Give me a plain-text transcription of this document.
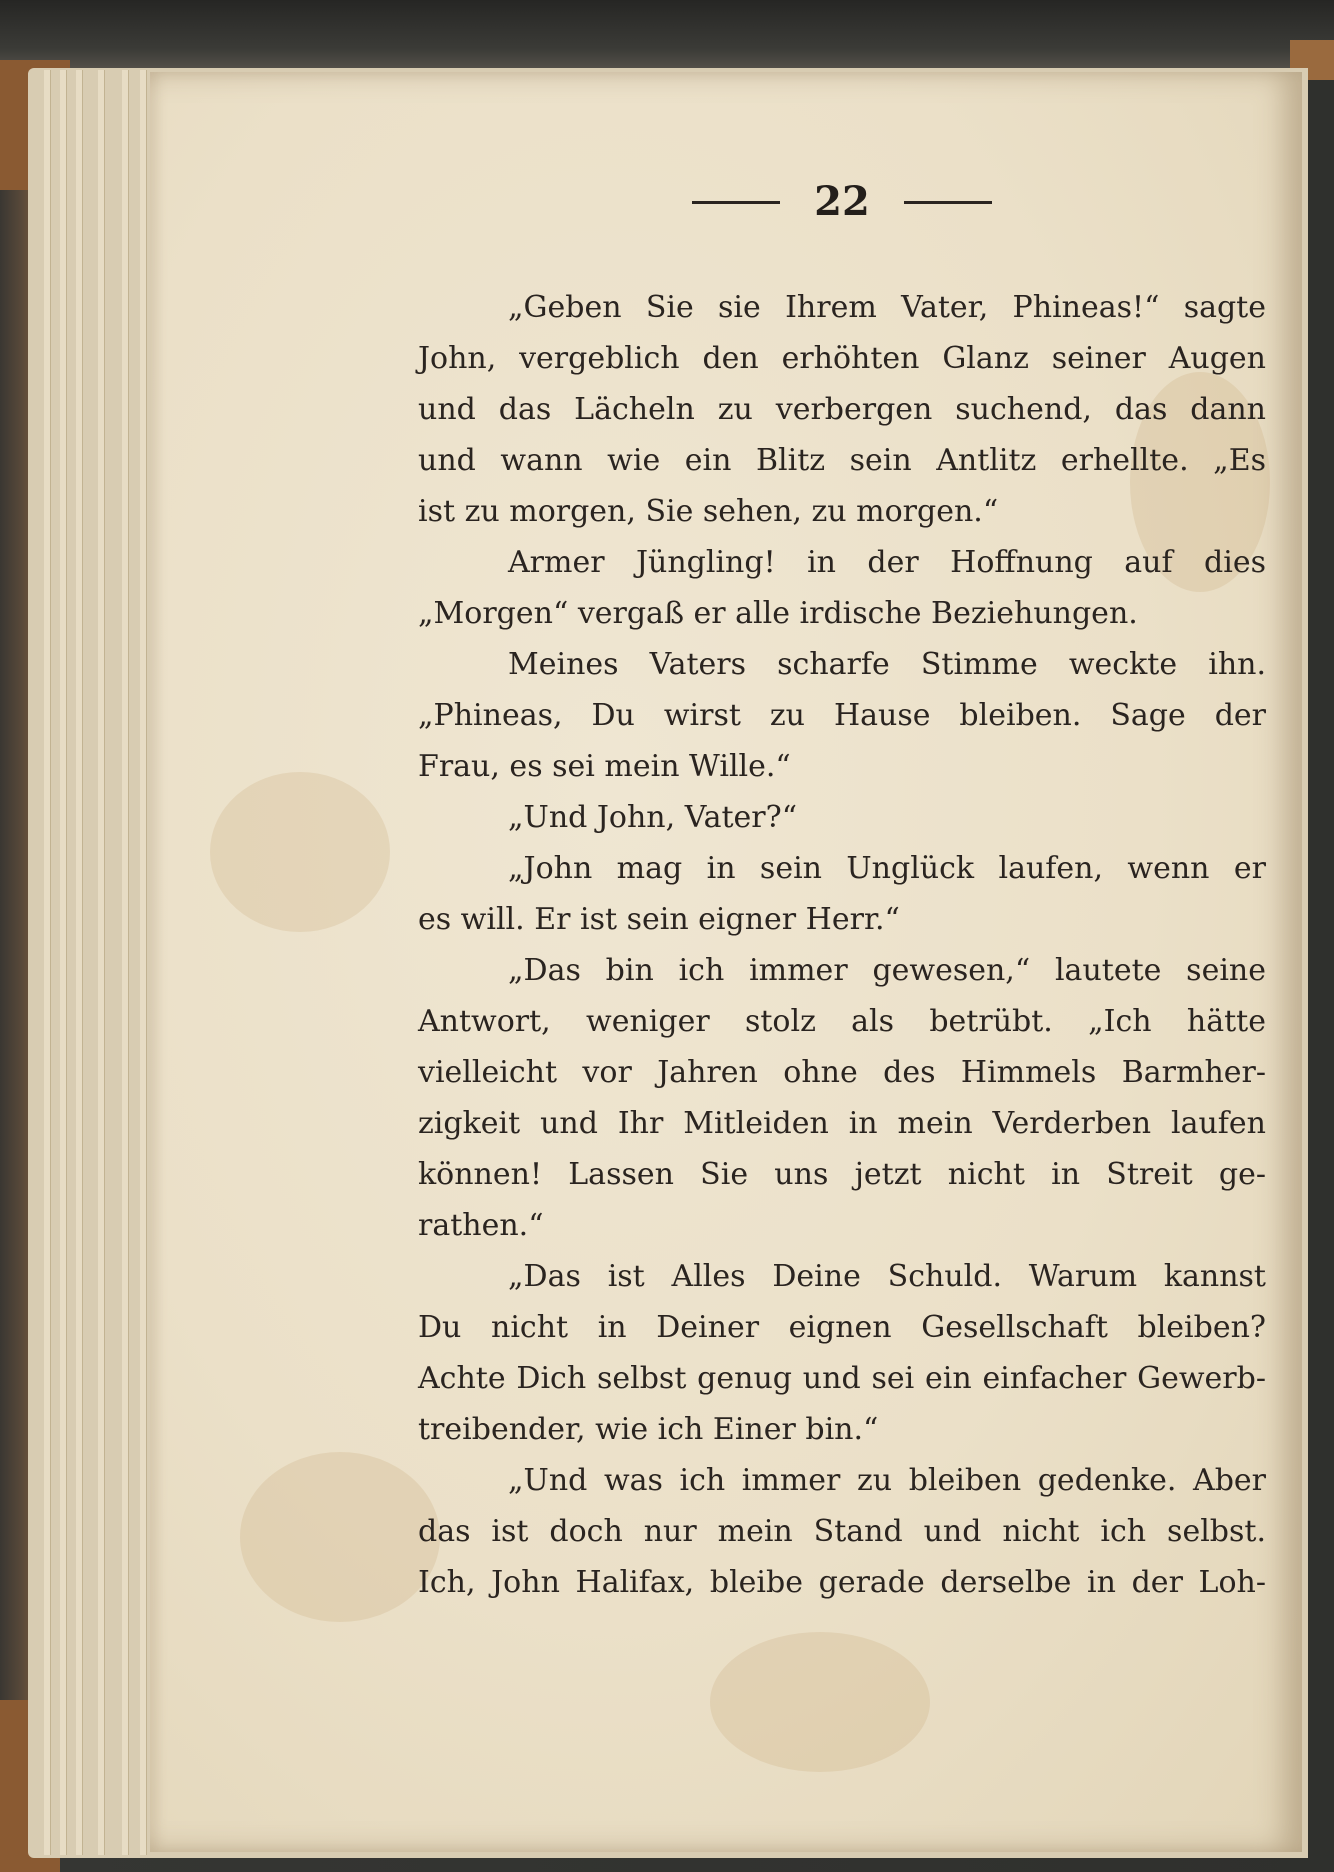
22
„Geben Sie sie Ihrem Vater, Phineas!“ sagte
John, vergeblich den erhöhten Glanz seiner Augen
und das Lächeln zu verbergen suchend, das dann
und wann wie ein Blitz sein Antlitz erhellte. „Es
ist zu morgen, Sie sehen, zu morgen.“
Armer Jüngling! in der Hoffnung auf dies
„Morgen“ vergaß er alle irdische Beziehungen.
Meines Vaters scharfe Stimme weckte ihn.
„Phineas, Du wirst zu Hause bleiben. Sage der
Frau, es sei mein Wille.“
„Und John, Vater?“
„John mag in sein Unglück laufen, wenn er
es will. Er ist sein eigner Herr.“
„Das bin ich immer gewesen,“ lautete seine
Antwort, weniger stolz als betrübt. „Ich hätte
vielleicht vor Jahren ohne des Himmels Barmher-
zigkeit und Ihr Mitleiden in mein Verderben laufen
können! Lassen Sie uns jetzt nicht in Streit ge-
rathen.“
„Das ist Alles Deine Schuld. Warum kannst
Du nicht in Deiner eignen Gesellschaft bleiben?
Achte Dich selbst genug und sei ein einfacher Gewerb-
treibender, wie ich Einer bin.“
„Und was ich immer zu bleiben gedenke. Aber
das ist doch nur mein Stand und nicht ich selbst.
Ich, John Halifax, bleibe gerade derselbe in der Loh-
